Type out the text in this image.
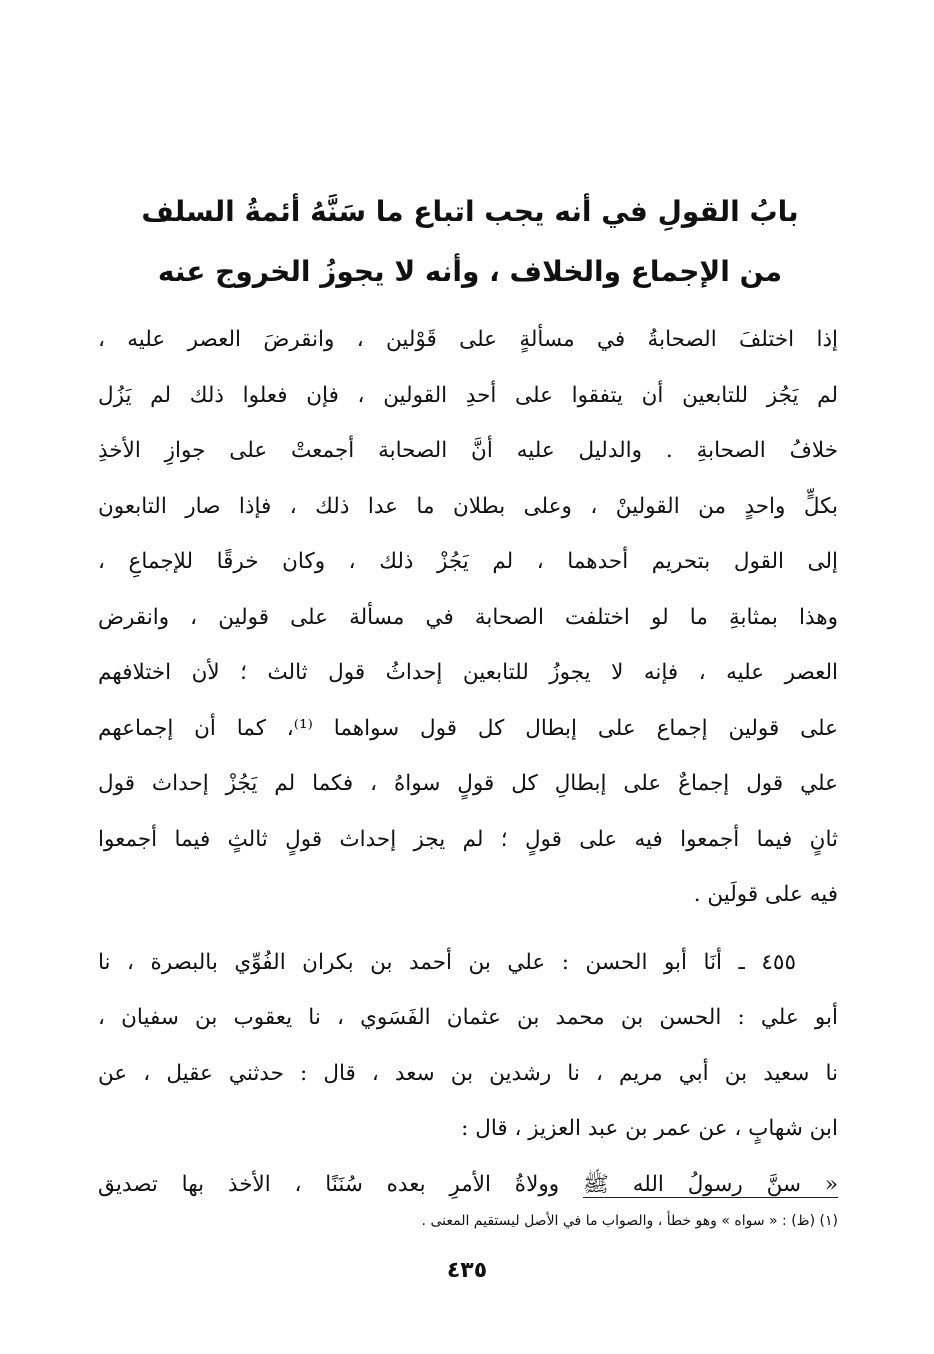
بابُ القولِ في أنه يجب اتباع ما سَنَّهُ أئمةُ السلف
من الإجماع والخلاف ، وأنه لا يجوزُ الخروج عنه
إذا اختلفَ الصحابةُ في مسألةٍ على قَوْلين ، وانقرضَ العصر عليه ،
لم يَجُز للتابعين أن يتفقوا على أحدِ القولين ، فإن فعلوا ذلك لم يَزُل
خلافُ الصحابةِ . والدليل عليه أنَّ الصحابة أجمعتْ على جوازِ الأخذِ
بكلٍّ واحدٍ من القولينْ ، وعلى بطلان ما عدا ذلك ، فإذا صار التابعون
إلى القول بتحريم أحدهما ، لم يَجُزْ ذلك ، وكان خرقًا للإجماعِ ،
وهذا بمثابةِ ما لو اختلفت الصحابة في مسألة على قولين ، وانقرض
العصر عليه ، فإنه لا يجوزُ للتابعين إحداثُ قول ثالث ؛ لأن اختلافهم
على قولين إجماع على إبطال كل قول سواهما ⁽¹⁾، كما أن إجماعهم
علي قول إجماعٌ على إبطالِ كل قولٍ سواهُ ، فكما لم يَجُزْ إحداث قول
ثانٍ فيما أجمعوا فيه على قولٍ ؛ لم يجز إحداث قولٍ ثالثٍ فيما أجمعوا
فيه على قولَين .
٤٥٥ ـ أنَا أبو الحسن : علي بن أحمد بن بكران الفُوِّي بالبصرة ، نا
أبو علي : الحسن بن محمد بن عثمان الفَسَوي ، نا يعقوب بن سفيان ،
نا سعيد بن أبي مريم ، نا رشدين بن سعد ، قال : حدثني عقيل ، عن
ابن شهابٍ ، عن عمر بن عبد العزيز ، قال :
« سنَّ رسولُ الله ﷺ وولاةُ الأمرِ بعده سُنَنًا ، الأخذ بها تصديق
(١) (ظ) : « سواه » وهو خطأ ، والصواب ما في الأصل ليستقيم المعنى .
٤٣٥
